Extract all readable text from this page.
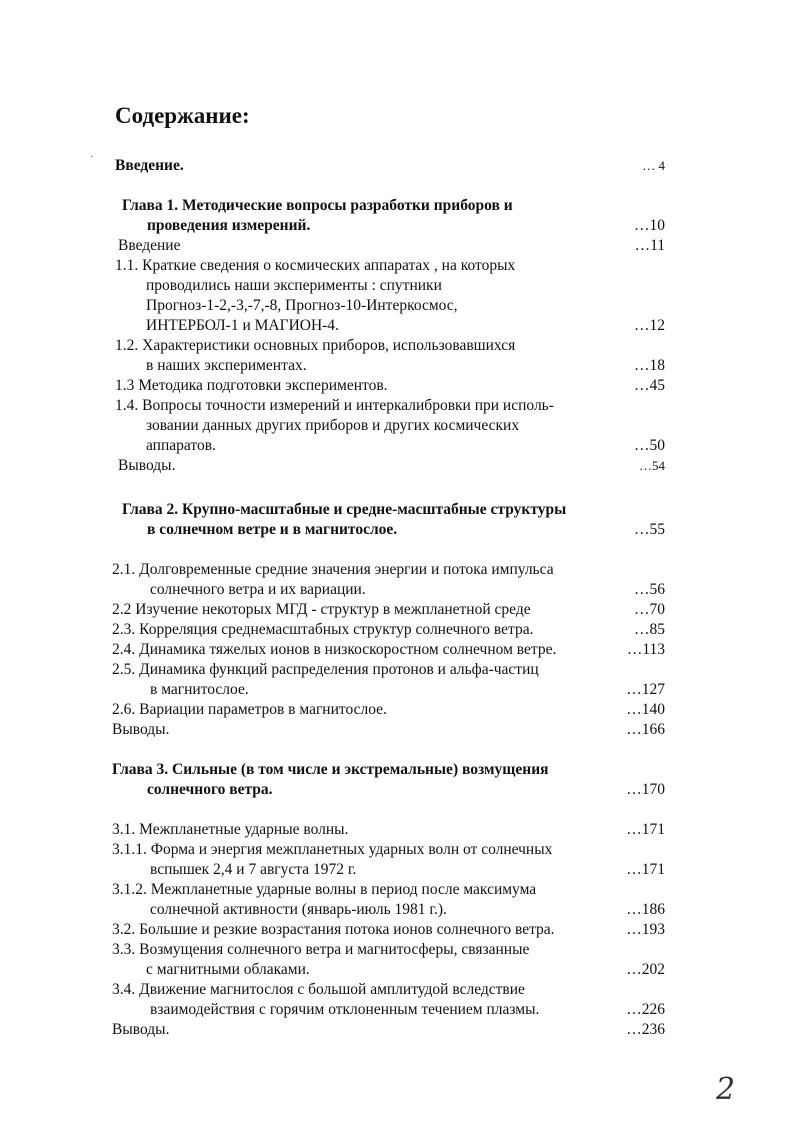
Содержание:
· Введение.	… 4
Глава 1. Методические вопросы разработки приборов и
проведения измерений.	…10
Введение	…11
1.1. Краткие сведения о космических аппаратах , на которых
проводились наши эксперименты : спутники
Прогноз-1-2,-3,-7,-8, Прогноз-10-Интеркосмос,
ИНТЕРБОЛ-1 и МАГИОН-4.	…12
1.2. Характеристики основных приборов, использовавшихся
в наших экспериментах.	…18
1.3 Методика подготовки экспериментов.	…45
1.4. Вопросы точности измерений и интеркалибровки при исполь-
зовании данных других приборов и других космических
аппаратов.	…50
Выводы.	…54
Глава 2. Крупно-масштабные и средне-масштабные структуры
в солнечном ветре и в магнитослое.	…55
2.1. Долговременные средние значения энергии и потока импульса
солнечного ветра и их вариации.	…56
2.2 Изучение некоторых МГД - структур в межпланетной среде	…70
2.3. Корреляция среднемасштабных структур солнечного ветра.	…85
2.4. Динамика тяжелых ионов в низкоскоростном солнечном ветре.	…113
2.5. Динамика функций распределения протонов и альфа-частиц
в магнитослое.	…127
2.6. Вариации параметров в магнитослое.	…140
Выводы.	…166
Глава 3. Сильные (в том числе и экстремальные) возмущения
солнечного ветра.	…170
3.1. Межпланетные ударные волны.	…171
3.1.1. Форма и энергия межпланетных ударных волн от солнечных
вспышек 2,4 и 7 августа 1972 г.	…171
3.1.2. Межпланетные ударные волны в период после максимума
солнечной активности (январь-июль 1981 г.).	…186
3.2. Большие и резкие возрастания потока ионов солнечного ветра.	…193
3.3. Возмущения солнечного ветра и магнитосферы, связанные
с магнитными облаками.	…202
3.4. Движение магнитослоя с большой амплитудой вследствие
взаимодействия с горячим отклоненным течением плазмы.	…226
Выводы.	…236
2
